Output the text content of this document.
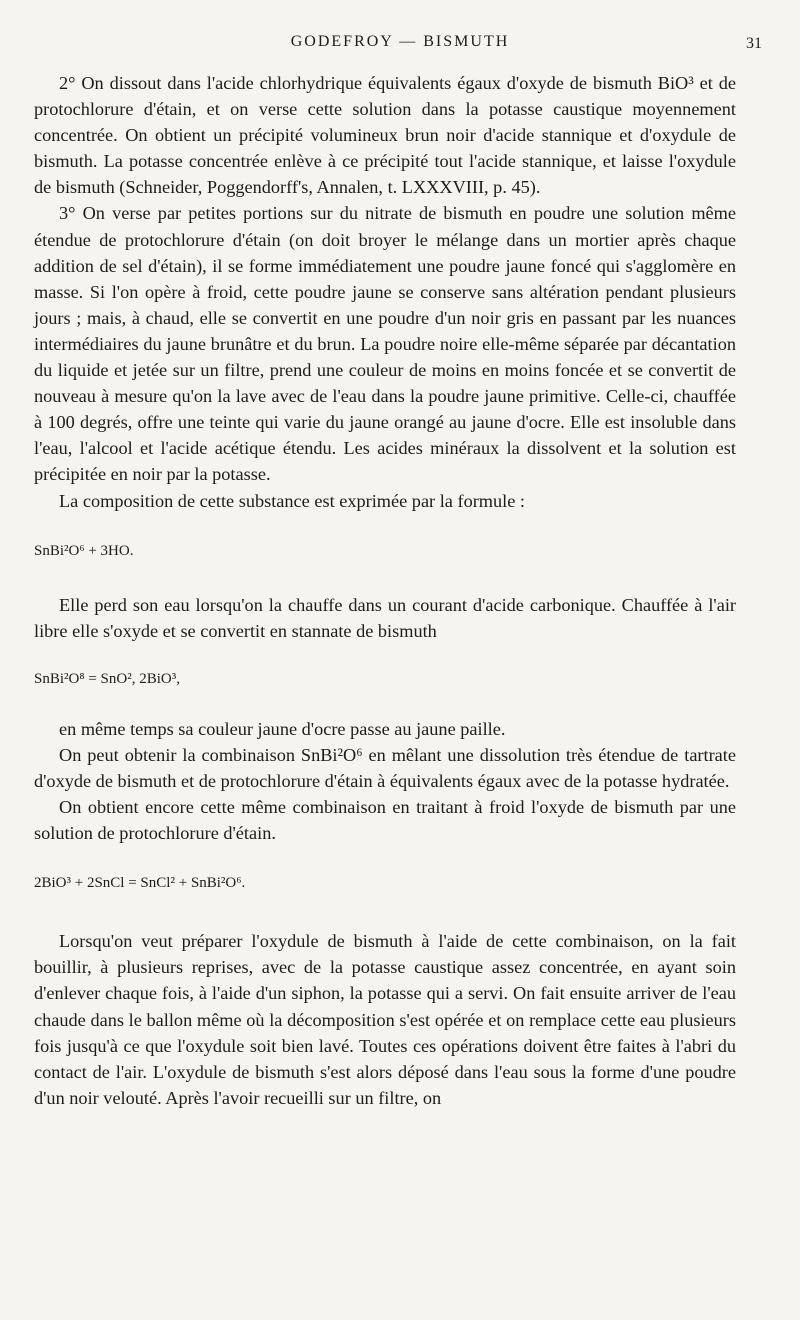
GODEFROY — BISMUTH	31

2° On dissout dans l'acide chlorhydrique équivalents égaux d'oxyde de bismuth BiO³ et de protochlorure d'étain, et on verse cette solution dans la potasse caustique moyennement concentrée. On obtient un précipité volumineux brun noir d'acide stannique et d'oxydule de bismuth. La potasse concentrée enlève à ce précipité tout l'acide stannique, et laisse l'oxydule de bismuth (Schneider, Poggendorff's, Annalen, t. LXXXVIII, p. 45).

3° On verse par petites portions sur du nitrate de bismuth en poudre une solution même étendue de protochlorure d'étain (on doit broyer le mélange dans un mortier après chaque addition de sel d'étain), il se forme immédiatement une poudre jaune foncé qui s'agglomère en masse. Si l'on opère à froid, cette poudre jaune se conserve sans altération pendant plusieurs jours ; mais, à chaud, elle se convertit en une poudre d'un noir gris en passant par les nuances intermédiaires du jaune brunâtre et du brun. La poudre noire elle-même séparée par décantation du liquide et jetée sur un filtre, prend une couleur de moins en moins foncée et se convertit de nouveau à mesure qu'on la lave avec de l'eau dans la poudre jaune primitive. Celle-ci, chauffée à 100 degrés, offre une teinte qui varie du jaune orangé au jaune d'ocre. Elle est insoluble dans l'eau, l'alcool et l'acide acétique étendu. Les acides minéraux la dissolvent et la solution est précipitée en noir par la potasse.

La composition de cette substance est exprimée par la formule :

SnBi²O⁶ + 3HO.

Elle perd son eau lorsqu'on la chauffe dans un courant d'acide carbonique. Chauffée à l'air libre elle s'oxyde et se convertit en stannate de bismuth

SnBi²O⁸ = SnO², 2BiO³,

en même temps sa couleur jaune d'ocre passe au jaune paille.

On peut obtenir la combinaison SnBi²O⁶ en mêlant une dissolution très étendue de tartrate d'oxyde de bismuth et de protochlorure d'étain à équivalents égaux avec de la potasse hydratée.

On obtient encore cette même combinaison en traitant à froid l'oxyde de bismuth par une solution de protochlorure d'étain.

2BiO³ + 2SnCl = SnCl² + SnBi²O⁶.

Lorsqu'on veut préparer l'oxydule de bismuth à l'aide de cette combinaison, on la fait bouillir, à plusieurs reprises, avec de la potasse caustique assez concentrée, en ayant soin d'enlever chaque fois, à l'aide d'un siphon, la potasse qui a servi. On fait ensuite arriver de l'eau chaude dans le ballon même où la décomposition s'est opérée et on remplace cette eau plusieurs fois jusqu'à ce que l'oxydule soit bien lavé. Toutes ces opérations doivent être faites à l'abri du contact de l'air. L'oxydule de bismuth s'est alors déposé dans l'eau sous la forme d'une poudre d'un noir velouté. Après l'avoir recueilli sur un filtre, on
